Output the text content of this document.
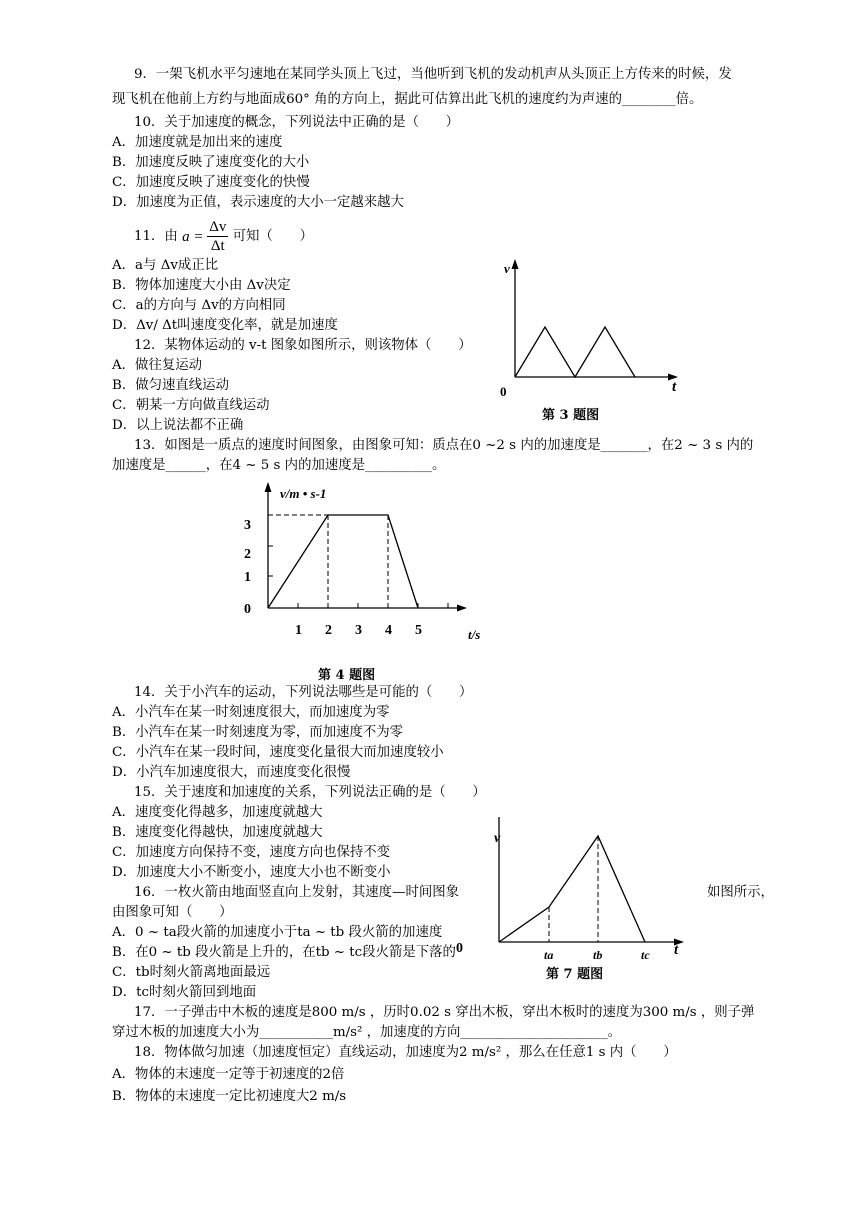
9．一架飞机水平匀速地在某同学头顶上飞过，当他听到飞机的发动机声从头顶正上方传来的时候，发
现飞机在他前上方约与地面成60° 角的方向上，据此可估算出此飞机的速度约为声速的________倍。
10．关于加速度的概念，下列说法中正确的是（　　）
A．加速度就是加出来的速度
B．加速度反映了速度变化的大小
C．加速度反映了速度变化的快慢
D．加速度为正值，表示速度的大小一定越来越大
11．由 $a = \frac{\Delta v}{\Delta t}$ 可知（　　）
A．a与 Δv成正比
B．物体加速度大小由 Δv决定
C．a的方向与 Δv的方向相同
D．Δv/ Δt叫速度变化率，就是加速度
12．某物体运动的 v-t 图象如图所示，则该物体（　　）
A．做往复运动
B．做匀速直线运动
C．朝某一方向做直线运动
D．以上说法都不正确
13．如图是一质点的速度时间图象，由图象可知：质点在0 ~2 s 内的加速度是_______，在2 ~ 3 s 内的
加速度是______，在4 ~ 5 s 内的加速度是__________。
14．关于小汽车的运动，下列说法哪些是可能的（　　）
A．小汽车在某一时刻速度很大，而加速度为零
B．小汽车在某一时刻速度为零，而加速度不为零
C．小汽车在某一段时间，速度变化量很大而加速度较小
D．小汽车加速度很大，而速度变化很慢
15．关于速度和加速度的关系，下列说法正确的是（　　）
A．速度变化得越多，加速度就越大
B．速度变化得越快，加速度就越大
C．加速度方向保持不变，速度方向也保持不变
D．加速度大小不断变小，速度大小也不断变小
16．一枚火箭由地面竖直向上发射，其速度—时间图象	如图所示，
由图象可知（　　）
A．0 ~ ta段火箭的加速度小于ta ~ tb 段火箭的加速度
B．在0 ~ tb 段火箭是上升的，在tb ~ tc段火箭是下落的
C．tb时刻火箭离地面最远
D．tc时刻火箭回到地面
17．一子弹击中木板的速度是800 m/s ，历时0.02 s 穿出木板，穿出木板时的速度为300 m/s ，则子弹
穿过木板的加速度大小为___________m/s² ，加速度的方向______________________。
18．物体做匀加速（加速度恒定）直线运动，加速度为2 m/s² ，那么在任意1 s 内（　　）
A．物体的末速度一定等于初速度的2倍
B．物体的末速度一定比初速度大2 m/s
v
t
0
第 3 题图
v/m • s-1
0
1
2
3
1 2 3 4 5	t/s
第 4 题图
v
0	ta	tb	tc t
第 7 题图
